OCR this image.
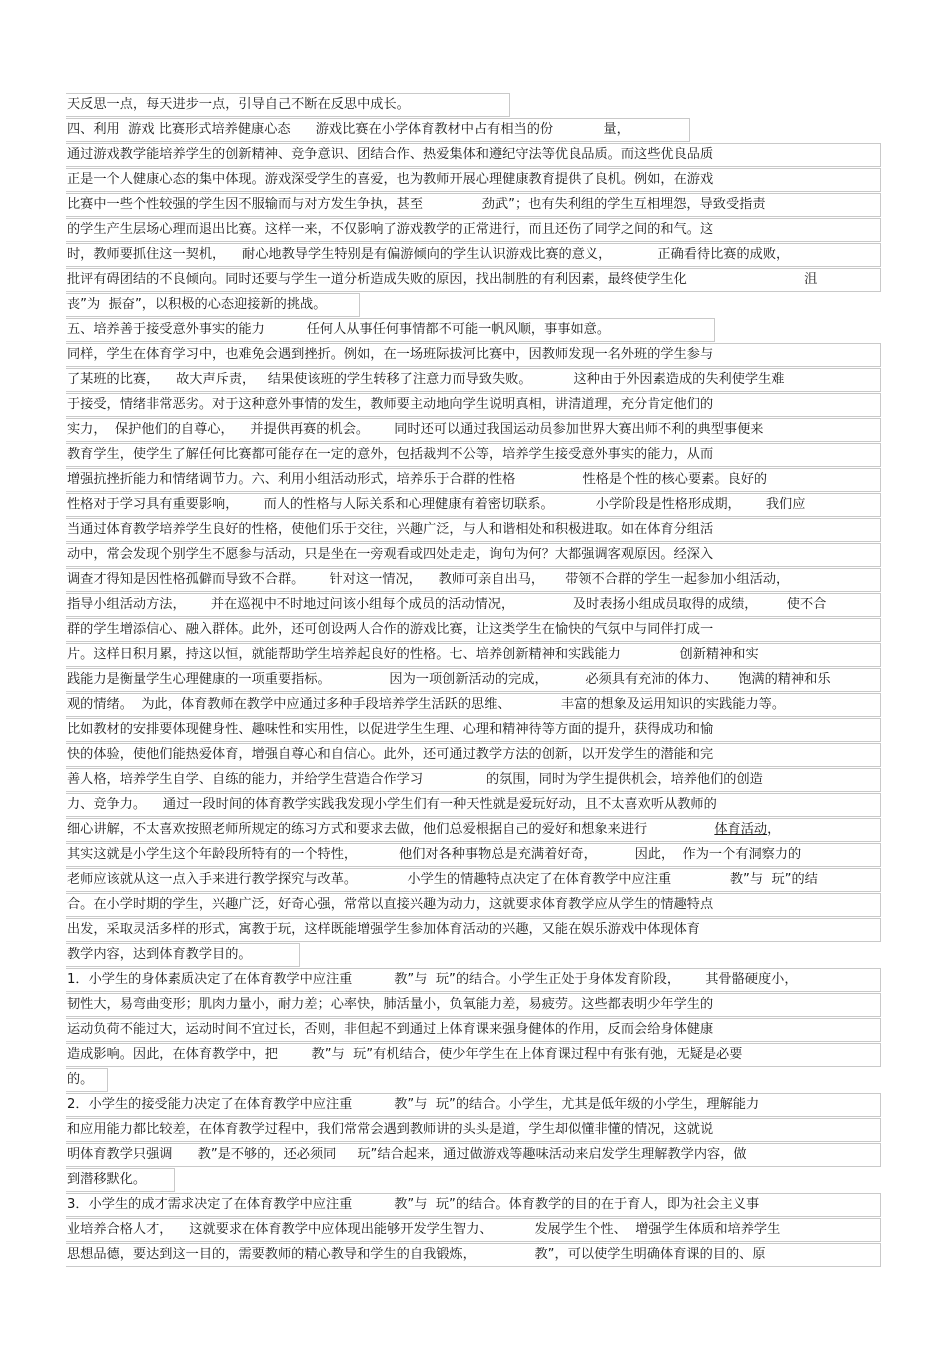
天反思一点，每天进步一点，引导自己不断在反思中成长。
四、利用  游戏 比赛形式培养健康心态      游戏比赛在小学体育教材中占有相当的份            量，
通过游戏教学能培养学生的创新精神、竞争意识、团结合作、热爱集体和遵纪守法等优良品质。而这些优良品质
正是一个人健康心态的集中体现。游戏深受学生的喜爱，也为教师开展心理健康教育提供了良机。例如，在游戏
比赛中一些个性较强的学生因不服输而与对方发生争执，甚至              劲武”；也有失利组的学生互相埋怨，导致受指责
的学生产生层场心理而退出比赛。这样一来，不仅影响了游戏教学的正常进行，而且还伤了同学之间的和气。这
时，教师要抓住这一契机，    耐心地教导学生特别是有偏游倾向的学生认识游戏比赛的意义，           正确看待比赛的成败，
批评有碍团结的不良倾向。同时还要与学生一道分析造成失败的原因，找出制胜的有利因素，最终使学生化                            沮
丧”为  振奋”，以积极的心态迎接新的挑战。
五、培养善于接受意外事实的能力          任何人从事任何事情都不可能一帆风顺，事事如意。
同样，学生在体育学习中，也难免会遇到挫折。例如，在一场班际拔河比赛中，因教师发现一名外班的学生参与
了某班的比赛，    故大声斥责，   结果使该班的学生转移了注意力而导致失败。          这种由于外因素造成的失利使学生难
于接受，情绪非常恶劣。对于这种意外事情的发生，教师要主动地向学生说明真相，讲清道理，充分肯定他们的
实力，  保护他们的自尊心，    并提供再赛的机会。      同时还可以通过我国运动员参加世界大赛出师不利的典型事便来
教育学生，使学生了解任何比赛都可能存在一定的意外，包括裁判不公等，培养学生接受意外事实的能力，从而
增强抗挫折能力和情绪调节力。六、利用小组活动形式，培养乐于合群的性格                性格是个性的核心要素。良好的
性格对于学习具有重要影响，      而人的性格与人际关系和心理健康有着密切联系。          小学阶段是性格形成期，      我们应
当通过体育教学培养学生良好的性格，使他们乐于交往，兴趣广泛，与人和谐相处和积极进取。如在体育分组活
动中，常会发现个别学生不愿参与活动，只是坐在一旁观看或四处走走，询句为何？大都强调客观原因。经深入
调查才得知是因性格孤僻而导致不合群。      针对这一情况，    教师可亲自出马，     带领不合群的学生一起参加小组活动，
指导小组活动方法，      并在巡视中不时地过问该小组每个成员的活动情况，              及时表扬小组成员取得的成绩，       使不合
群的学生增添信心、融入群体。此外，还可创设两人合作的游戏比赛，让这类学生在愉快的气氛中与同伴打成一
片。这样日积月累，持这以恒，就能帮助学生培养起良好的性格。七、培养创新精神和实践能力              创新精神和实
践能力是衡量学生心理健康的一项重要指标。              因为一项创新活动的完成，         必须具有充沛的体力、     饱满的精神和乐
观的情绪。  为此，体育教师在教学中应通过多种手段培养学生活跃的思维、            丰富的想象及运用知识的实践能力等。
比如教材的安排要体现健身性、趣味性和实用性，以促进学生生理、心理和精神待等方面的提升，获得成功和愉
快的体验，使他们能热爱体育，增强自尊心和自信心。此外，还可通过教学方法的创新，以开发学生的潜能和完
善人格，培养学生自学、自练的能力，并给学生营造合作学习               的氛围，同时为学生提供机会，培养他们的创造
力、竞争力。    通过一段时间的体育教学实践我发现小学生们有一种天性就是爱玩好动，且不太喜欢听从教师的
细心讲解，不太喜欢按照老师所规定的练习方式和要求去做，他们总爱根据自己的爱好和想象来进行                体育活动，
其实这就是小学生这个年龄段所特有的一个特性，          他们对各种事物总是充满着好奇，         因此，  作为一个有洞察力的
老师应该就从这一点入手来进行教学探究与改革。            小学生的情趣特点决定了在体育教学中应注重              教”与  玩”的结
合。在小学时期的学生，兴趣广泛，好奇心强，常常以直接兴趣为动力，这就要求体育教学应从学生的情趣特点
出发，采取灵活多样的形式，寓教于玩，这样既能增强学生参加体育活动的兴趣，又能在娱乐游戏中体现体育
教学内容，达到体育教学目的。
1．小学生的身体素质决定了在体育教学中应注重          教”与  玩”的结合。小学生正处于身体发育阶段，      其骨骼硬度小，
韧性大，易弯曲变形；肌肉力量小，耐力差；心率快，肺活量小，负氧能力差，易疲劳。这些都表明少年学生的
运动负荷不能过大，运动时间不宜过长，否则，非但起不到通过上体育课来强身健体的作用，反而会给身体健康
造成影响。因此，在体育教学中，把        教”与  玩”有机结合，使少年学生在上体育课过程中有张有弛，无疑是必要
的。
2．小学生的接受能力决定了在体育教学中应注重          教”与  玩”的结合。小学生，尤其是低年级的小学生，理解能力
和应用能力都比较差，在体育教学过程中，我们常常会遇到教师讲的头头是道，学生却似懂非懂的情况，这就说
明体育教学只强调      教”是不够的，还必须同     玩”结合起来，通过做游戏等趣味活动来启发学生理解教学内容，做
到潜移默化。
3．小学生的成才需求决定了在体育教学中应注重          教”与  玩”的结合。体育教学的目的在于育人，即为社会主义事
业培养合格人才，    这就要求在体育教学中应体现出能够开发学生智力、          发展学生个性、  增强学生体质和培养学生
思想品德，要达到这一目的，需要教师的精心教导和学生的自我锻炼，              教”，可以使学生明确体育课的目的、原
